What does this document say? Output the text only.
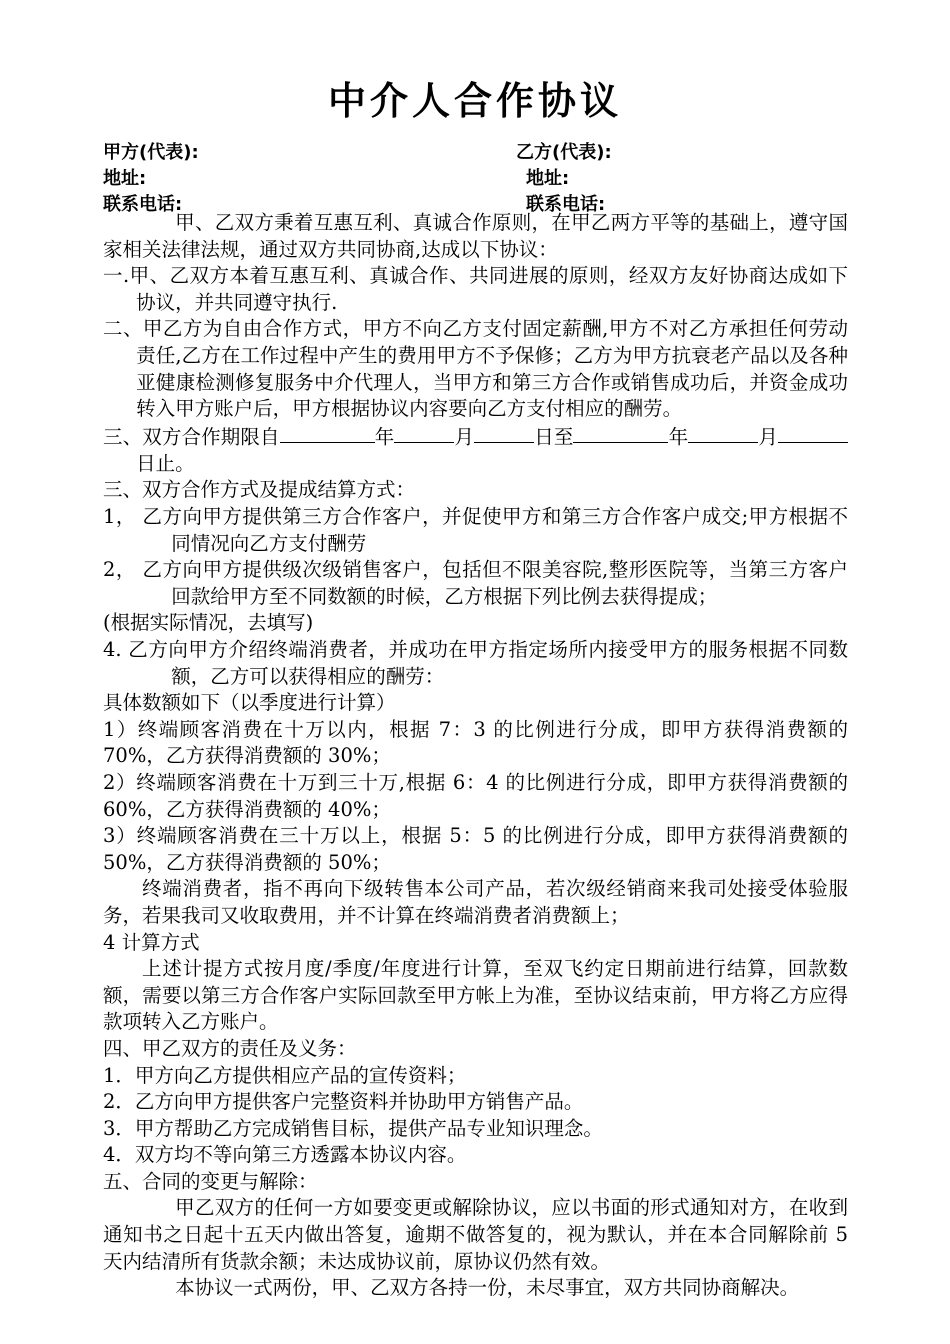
中介人合作协议
甲方(代表):	乙方(代表):
地址:	地址:
联系电话:	联系电话:

甲、乙双方秉着互惠互利、真诚合作原则，在甲乙两方平等的基础上，遵守国家相关法律法规，通过双方共同协商,达成以下协议：

一.甲、乙双方本着互惠互利、真诚合作、共同进展的原则，经双方友好协商达成如下协议，并共同遵守执行.

二、甲乙方为自由合作方式，甲方不向乙方支付固定薪酬,甲方不对乙方承担任何劳动责任,乙方在工作过程中产生的费用甲方不予保修；乙方为甲方抗衰老产品以及各种亚健康检测修复服务中介代理人，当甲方和第三方合作或销售成功后，并资金成功转入甲方账户后，甲方根据协议内容要向乙方支付相应的酬劳。

三、双方合作期限自	年	月	日至	年	月日止。

三、双方合作方式及提成结算方式：

1， 乙方向甲方提供第三方合作客户，并促使甲方和第三方合作客户成交;甲方根据不同情况向乙方支付酬劳

2， 乙方向甲方提供级次级销售客户，包括但不限美容院,整形医院等，当第三方客户回款给甲方至不同数额的时候，乙方根据下列比例去获得提成；

(根据实际情况，去填写)

4. 乙方向甲方介绍终端消费者，并成功在甲方指定场所内接受甲方的服务根据不同数额，乙方可以获得相应的酬劳：

具体数额如下（以季度进行计算）

1）终端顾客消费在十万以内，根据 7：3 的比例进行分成，即甲方获得消费额的 70%，乙方获得消费额的 30%；

2）终端顾客消费在十万到三十万,根据 6：4 的比例进行分成，即甲方获得消费额的 60%，乙方获得消费额的 40%；

3）终端顾客消费在三十万以上，根据 5：5 的比例进行分成，即甲方获得消费额的 50%，乙方获得消费额的 50%；

终端消费者，指不再向下级转售本公司产品，若次级经销商来我司处接受体验服务，若果我司又收取费用，并不计算在终端消费者消费额上；

4 计算方式

上述计提方式按月度/季度/年度进行计算，至双飞约定日期前进行结算，回款数额，需要以第三方合作客户实际回款至甲方帐上为准，至协议结束前，甲方将乙方应得款项转入乙方账户。

四、甲乙双方的责任及义务：

1．甲方向乙方提供相应产品的宣传资料；

2．乙方向甲方提供客户完整资料并协助甲方销售产品。

3．甲方帮助乙方完成销售目标，提供产品专业知识理念。

4．双方均不等向第三方透露本协议内容。

五、合同的变更与解除：

甲乙双方的任何一方如要变更或解除协议，应以书面的形式通知对方，在收到通知书之日起十五天内做出答复，逾期不做答复的，视为默认，并在本合同解除前 5 天内结清所有货款余额；未达成协议前，原协议仍然有效。

本协议一式两份，甲、乙双方各持一份，未尽事宜，双方共同协商解决。
